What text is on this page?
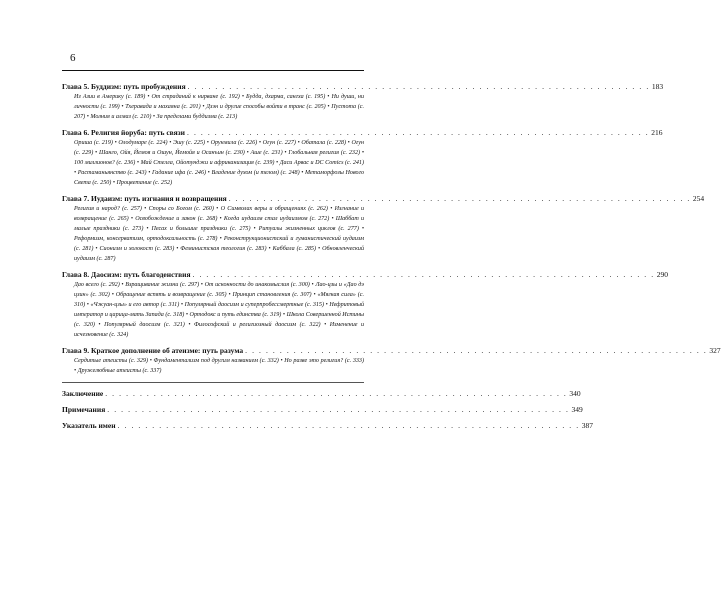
6
Глава 5. Буддизм: путь пробуждения . . . . . . . . . . . . . . . . . . . . . . . . . . . . . . . . . . . . . . . . . . . . . . . . . . . . . . . . . . . . . . . . . . . 183
Из Азии в Америку (с. 189) • От страданий к нирване (с. 192) • Будда, дхарма, сангха (с. 195) • Ни души, ни личности (с. 199) • Тхеравада и махаяна (с. 201) • Дзэн и другие способы войти в транс (с. 205) • Пустота (с. 207) • Молния и алмаз (с. 210) • За пределами буддизма (с. 213)
Глава 6. Религия йоруба: путь связи . . . . . . . . . . . . . . . . . . . . . . . . . . . . . . . . . . . . . . . . . . . . . . . . . . . . . . . . . . . . . . . . . . . 216
Ориша (с. 219) • Олодумаре (с. 224) • Эшу (с. 225) • Орунмила (с. 226) • Огун (с. 227) • Обатала (с. 228) • Огун (с. 229) • Шанго, Ойя, Йемоя и Ошун, Йемойя и Осанъин (с. 230) • Аше (с. 231) • Глобальная религия (с. 232) • 100 миллионов? (с. 236) • Май Стелла, Ойотунджи и африканизация (с. 239) • Даси Арвас и DC Comics (с. 241) • Растаманьянство (с. 243) • Гадание ифа (с. 246) • Владение духом (и телом) (с. 248) • Метаморфозы Нового Света (с. 250) • Процветание (с. 252)
Глава 7. Иудаизм: путь изгнания и возвращения . . . . . . . . . . . . . . . . . . . . . . . . . . . . . . . . . . . . . . . . . . . . . . . . . . . . . . . . . . . . . . . . . . . 254
Религия и народ? (с. 257) • Споры со Богом (с. 260) • О Символах веры и обращениях (с. 262) • Изгнание и возвращение (с. 265) • Освобождение и закон (с. 268) • Когда иудаизм стал иудаизмом (с. 272) • Шаббат и малые праздники (с. 273) • Песах и большие праздники (с. 275) • Ритуалы жизненных циклов (с. 277) • Реформизм, консерватизм, ортодоксальность (с. 278) • Реконструкционистский и гуманистический иудаизм (с. 281) • Сионизм и холокост (с. 283) • Феминистская теология (с. 283) • Каббала (с. 285) • Обновленческий иудаизм (с. 287)
Глава 8. Даосизм: путь благоденствия . . . . . . . . . . . . . . . . . . . . . . . . . . . . . . . . . . . . . . . . . . . . . . . . . . . . . . . . . . . . . . . . . . . 290
Дао всего (с. 292) • Взращивание жизни (с. 297) • От исконности до инакомыслия (с. 300) • Лао-цзы и «Дао дэ цзин» (с. 302) • Обращение вспять и возвращение (с. 305) • Принцип становления (с. 307) • «Мягкая сила» (с. 310) • «Чжуан-цзы» и его автор (с. 311) • Популярный даосизм и суперпробессмертные (с. 315) • Нефритовый император и царица-мать Запада (с. 318) • Ортодокс и путь единства (с. 319) • Школа Совершенной Истины (с. 320) • Популярный даосизм (с. 321) • Философский и религиозный даосизм (с. 322) • Изменение и исчезновение (с. 324)
Глава 9. Краткое дополнение об атеизме: путь разума . . . . . . . . . . . . . . . . . . . . . . . . . . . . . . . . . . . . . . . . . . . . . . . . . . . . . . . . . . . . . . . . . . . 327
Сердитые атеисты (с. 329) • Фундаментализм под другим названием (с. 332) • Но разве это религия? (с. 333) • Дружелюбные атеисты (с. 337)
Заключение . . . . . . . . . . . . . . . . . . . . . . . . . . . . . . . . . . . . . . . . . . . . . . . . . . . . . . . . . . . . . . . . . . . 340
Примечания . . . . . . . . . . . . . . . . . . . . . . . . . . . . . . . . . . . . . . . . . . . . . . . . . . . . . . . . . . . . . . . . . . . 349
Указатель имен . . . . . . . . . . . . . . . . . . . . . . . . . . . . . . . . . . . . . . . . . . . . . . . . . . . . . . . . . . . . . . . . . . . 387
